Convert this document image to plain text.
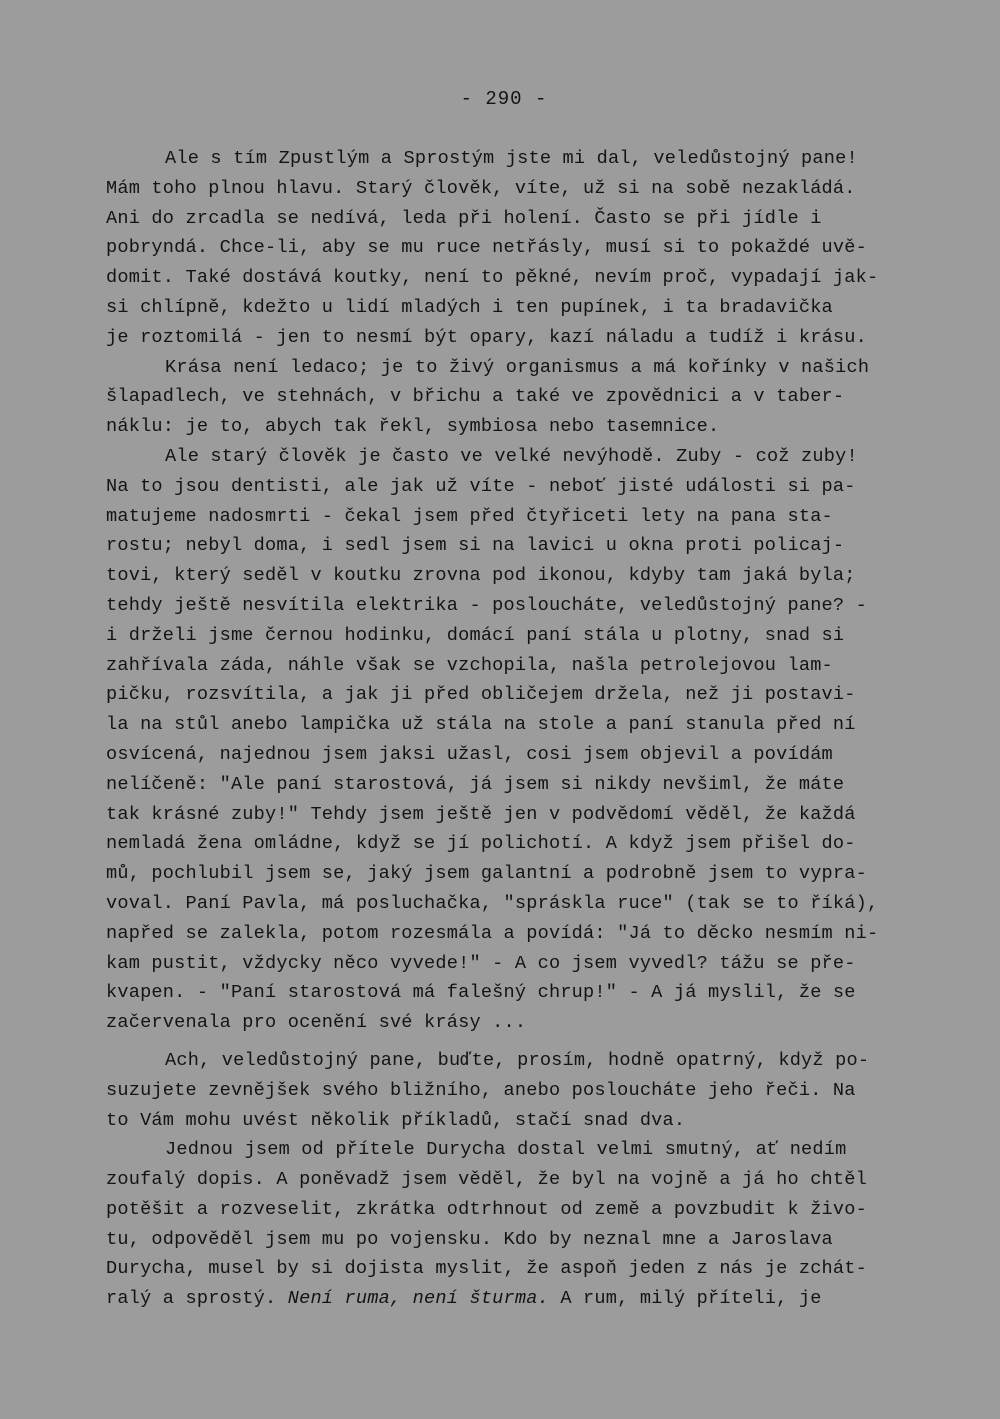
- 290 -
Ale s tím Zpustlým a Sprostým jste mi dal, veledůstojný pane!
Mám toho plnou hlavu. Starý člověk, víte, už si na sobě nezakládá.
Ani do zrcadla se nedívá, leda při holení. Často se při jídle i
pobryndá. Chce-li, aby se mu ruce netřásly, musí si to pokaždé uvě-
domit. Také dostává koutky, není to pěkné, nevím proč, vypadají jak-
si chlípně, kdežto u lidí mladých i ten pupínek, i ta bradavička
je roztomilá - jen to nesmí být opary, kazí náladu a tudíž i krásu.
Krása není ledaco; je to živý organismus a má kořínky v našich
šlapadlech, ve stehnách, v břichu a také ve zpovědnici a v taber-
náklu: je to, abych tak řekl, symbiosa nebo tasemnice.
Ale starý člověk je často ve velké nevýhodě. Zuby - což zuby!
Na to jsou dentisti, ale jak už víte - neboť jisté události si pa-
matujeme nadosmrti - čekal jsem před čtyřiceti lety na pana sta-
rostu; nebyl doma, i sedl jsem si na lavici u okna proti policaj-
tovi, který seděl v koutku zrovna pod ikonou, kdyby tam jaká byla;
tehdy ještě nesvítila elektrika - posloucháte, veledůstojný pane? -
i drželi jsme černou hodinku, domácí paní stála u plotny, snad si
zahřívala záda, náhle však se vzchopila, našla petrolejovou lam-
pičku, rozsvítila, a jak ji před obličejem držela, než ji postavi-
la na stůl anebo lampička už stála na stole a paní stanula před ní
osvícená, najednou jsem jaksi užasl, cosi jsem objevil a povídám
nelíčeně: "Ale paní starostová, já jsem si nikdy nevšiml, že máte
tak krásné zuby!" Tehdy jsem ještě jen v podvědomí věděl, že každá
nemladá žena omládne, když se jí polichotí. A když jsem přišel do-
mů, pochlubil jsem se, jaký jsem galantní a podrobně jsem to vypra-
voval. Paní Pavla, má posluchačka, "spráskla ruce" (tak se to říká),
napřed se zalekla, potom rozesmála a povídá: "Já to děcko nesmím ni-
kam pustit, vždycky něco vyvede!" - A co jsem vyvedl? tážu se pře-
kvapen. - "Paní starostová má falešný chrup!" - A já myslil, že se
začervenala pro ocenění své krásy ...
Ach, veledůstojný pane, buďte, prosím, hodně opatrný, když po-
suzujete zevnějšek svého bližního, anebo posloucháte jeho řeči. Na
to Vám mohu uvést několik příkladů, stačí snad dva.
Jednou jsem od přítele Durycha dostal velmi smutný, ať nedím
zoufalý dopis. A poněvadž jsem věděl, že byl na vojně a já ho chtěl
potěšit a rozveselit, zkrátka odtrhnout od země a povzbudit k živo-
tu, odpověděl jsem mu po vojensku. Kdo by neznal mne a Jaroslava
Durycha, musel by si dojista myslit, že aspoň jeden z nás je zchát-
ralý a sprostý. Není ruma, není šturma. A rum, milý příteli, je
